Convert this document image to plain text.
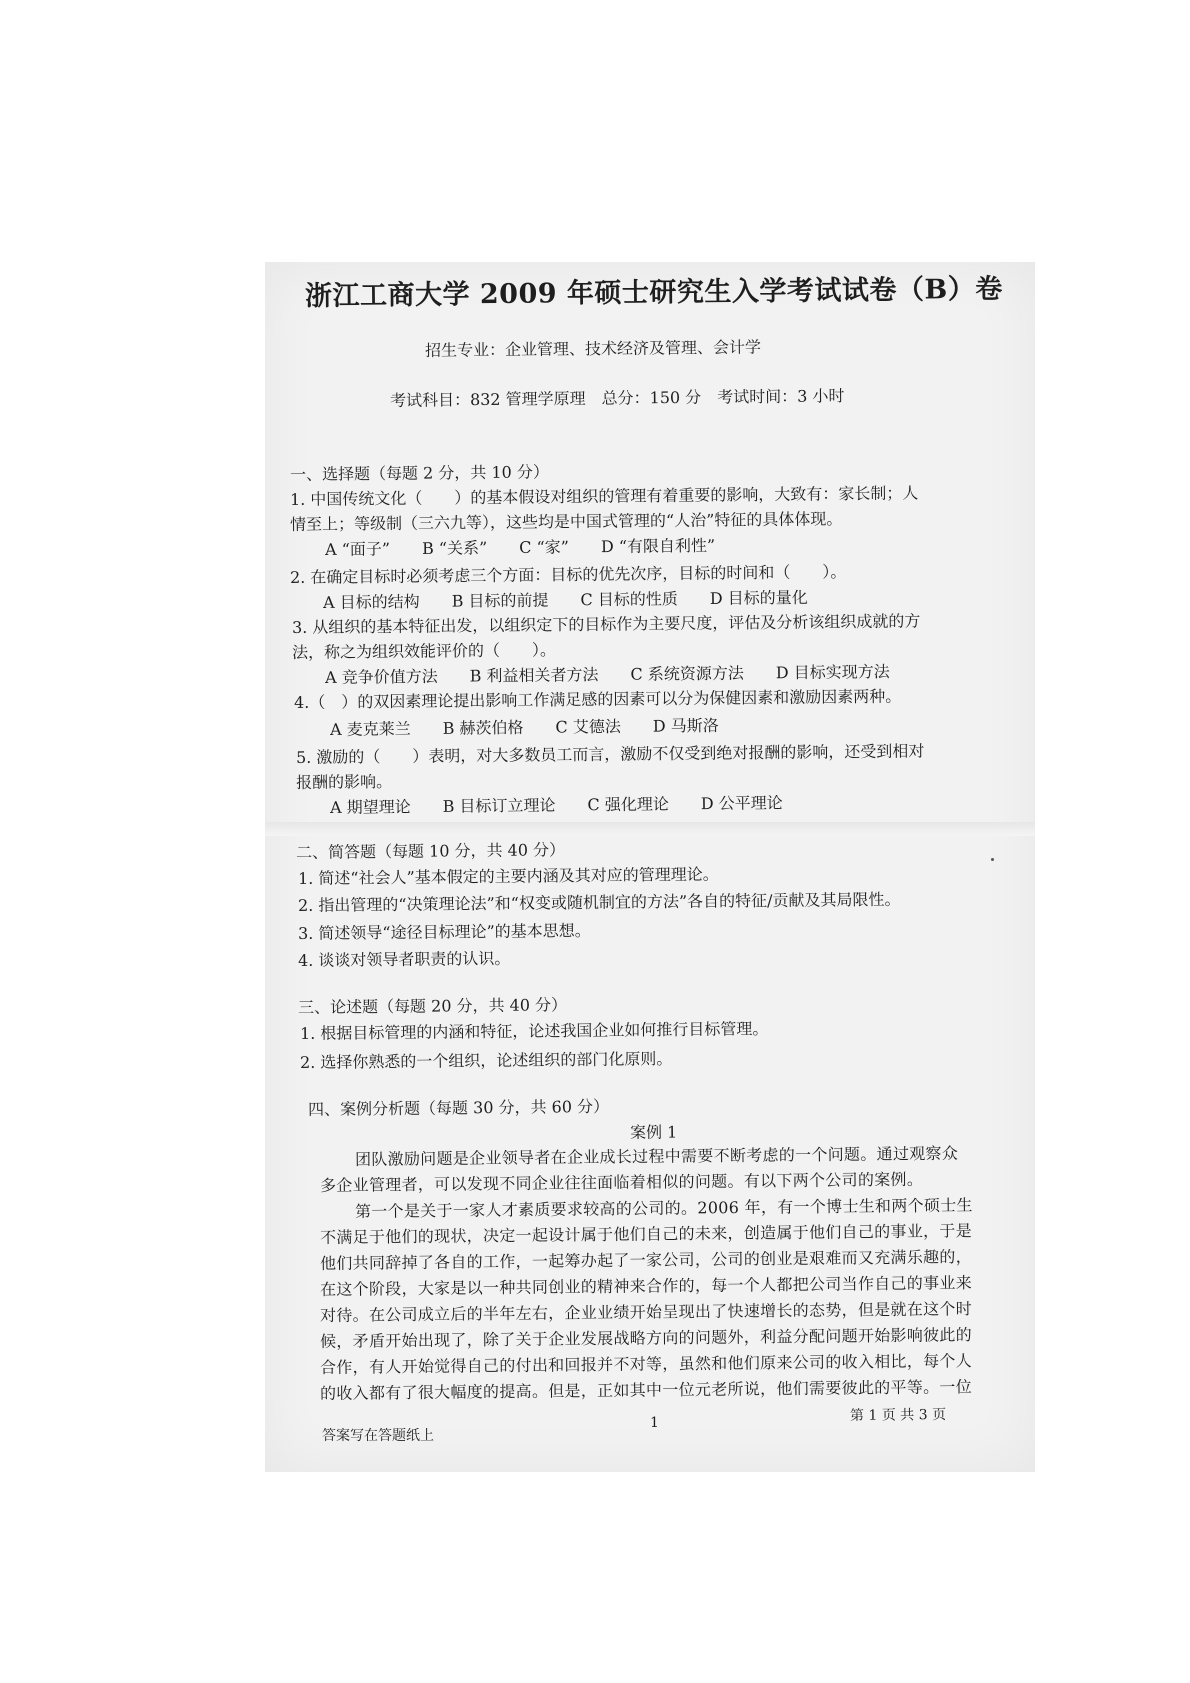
浙江工商大学 2009 年硕士研究生入学考试试卷（B）卷
招生专业：企业管理、技术经济及管理、会计学
考试科目：832 管理学原理　总分：150 分　考试时间：3 小时
一、选择题（每题 2 分，共 10 分）
1. 中国传统文化（　　）的基本假设对组织的管理有着重要的影响，大致有：家长制；人
情至上；等级制（三六九等），这些均是中国式管理的“人治”特征的具体体现。
A “面子”　　B “关系”　　C “家”　　D “有限自利性”
2. 在确定目标时必须考虑三个方面：目标的优先次序，目标的时间和（　　）。
A 目标的结构　　B 目标的前提　　C 目标的性质　　D 目标的量化
3. 从组织的基本特征出发，以组织定下的目标作为主要尺度，评估及分析该组织成就的方
法，称之为组织效能评价的（　　）。
A 竞争价值方法　　B 利益相关者方法　　C 系统资源方法　　D 目标实现方法
4.（　）的双因素理论提出影响工作满足感的因素可以分为保健因素和激励因素两种。
A 麦克莱兰　　B 赫茨伯格　　C 艾德法　　D 马斯洛
5. 激励的（　　）表明，对大多数员工而言，激励不仅受到绝对报酬的影响，还受到相对
报酬的影响。
A 期望理论　　B 目标订立理论　　C 强化理论　　D 公平理论
二、简答题（每题 10 分，共 40 分）
1. 简述“社会人”基本假定的主要内涵及其对应的管理理论。
2. 指出管理的“决策理论法”和“权变或随机制宜的方法”各自的特征/贡献及其局限性。
3. 简述领导“途径目标理论”的基本思想。
4. 谈谈对领导者职责的认识。
三、论述题（每题 20 分，共 40 分）
1. 根据目标管理的内涵和特征，论述我国企业如何推行目标管理。
2. 选择你熟悉的一个组织，论述组织的部门化原则。
四、案例分析题（每题 30 分，共 60 分）
案例 1
团队激励问题是企业领导者在企业成长过程中需要不断考虑的一个问题。通过观察众
多企业管理者，可以发现不同企业往往面临着相似的问题。有以下两个公司的案例。
第一个是关于一家人才素质要求较高的公司的。2006 年，有一个博士生和两个硕士生
不满足于他们的现状，决定一起设计属于他们自己的未来，创造属于他们自己的事业，于是
他们共同辞掉了各自的工作，一起筹办起了一家公司，公司的创业是艰难而又充满乐趣的，
在这个阶段，大家是以一种共同创业的精神来合作的，每一个人都把公司当作自己的事业来
对待。在公司成立后的半年左右，企业业绩开始呈现出了快速增长的态势，但是就在这个时
候，矛盾开始出现了，除了关于企业发展战略方向的问题外，利益分配问题开始影响彼此的
合作，有人开始觉得自己的付出和回报并不对等，虽然和他们原来公司的收入相比，每个人
的收入都有了很大幅度的提高。但是，正如其中一位元老所说，他们需要彼此的平等。一位
1	第 1 页 共 3 页
答案写在答题纸上
